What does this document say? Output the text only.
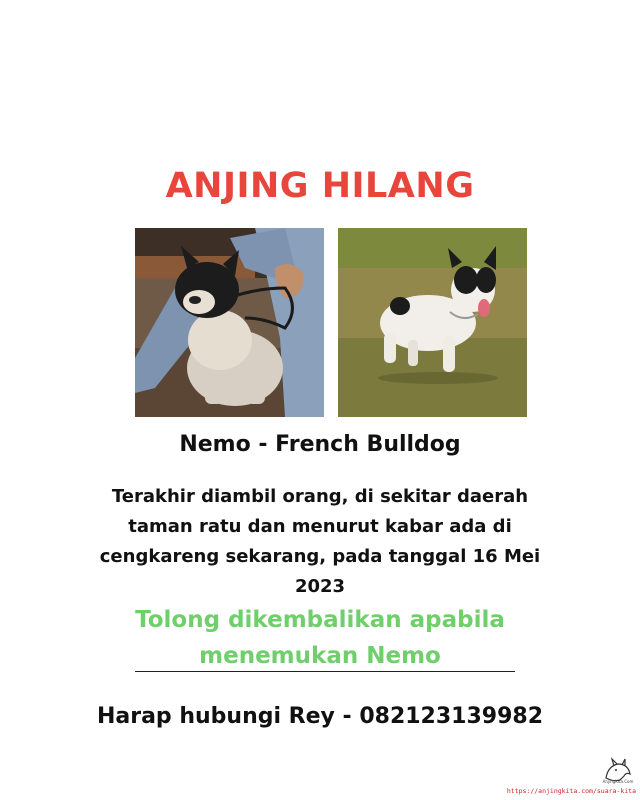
ANJING HILANG
Nemo - French Bulldog
Terakhir diambil orang, di sekitar daerah taman ratu dan menurut kabar ada di cengkareng sekarang, pada tanggal 16 Mei 2023
Tolong dikembalikan apabila menemukan Nemo
Harap hubungi Rey - 082123139982
AnjingKita.Com
https://anjingkita.com/suara-kita
